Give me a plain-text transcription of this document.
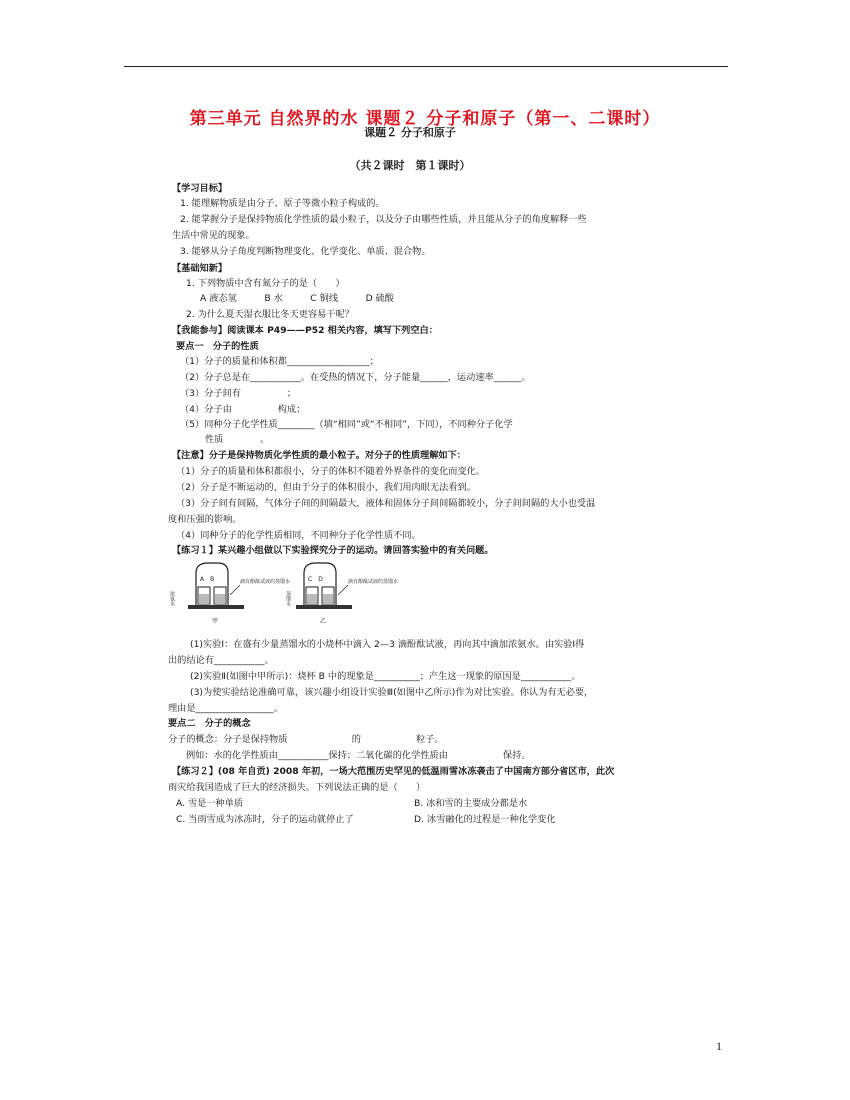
第三单元 自然界的水 课题２ 分子和原子（第一、二课时）
课题２ 分子和原子
（共２课时　第１课时）
【学习目标】
1. 能理解物质是由分子、原子等微小粒子构成的。
2. 能掌握分子是保持物质化学性质的最小粒子，以及分子由哪些性质，并且能从分子的角度解释一些
生活中常见的现象。
3. 能够从分子角度判断物理变化、化学变化、单质、混合物。
【基础知新】
1. 下列物质中含有氮分子的是（　　）
A 液态氢　　　B 水　　　C 铜线　　　D 硫酸
2. 为什么夏天湿衣服比冬天更容易干呢？
【我能参与】阅读课本 P49——P52 相关内容，填写下列空白：
要点一　分子的性质
（1）分子的质量和体积都__________________；
（2）分子总是在___________。在受热的情况下，分子能量______，运动速率______。
（3）分子间有　　　　　；
（4）分子由　　　　　构成；
（5）同种分子化学性质________（填“相同”或“不相同”，下同），不同种分子化学
性质　　　　。
【注意】分子是保持物质化学性质的最小粒子。对分子的性质理解如下：
（1）分子的质量和体积都很小，分子的体积不随着外界条件的变化而变化。
（2）分子是不断运动的，但由于分子的体积很小，我们用肉眼无法看到。
（3）分子间有间隔，气体分子间的间隔最大，液体和固体分子间间隔都较小，分子间间隔的大小也受温
度和压强的影响。
（4）同种分子的化学性质相同，不同种分子化学性质不同。
【练习１】某兴趣小组做以下实验探究分子的运动。请回答实验中的有关问题。
(1)实验Ⅰ：在盛有少量蒸馏水的小烧杯中滴入 2—3 滴酚酞试液，再向其中滴加浓氨水。由实验Ⅰ得
出的结论有___________。
(2)实验Ⅱ(如图中甲所示)：烧杯 B 中的现象是__________；产生这一现象的原因是___________。
(3)为使实验结论准确可靠，该兴趣小组设计实验Ⅲ(如图中乙所示)作为对比实验。你认为有无必要，
理由是_________________。
要点二　分子的概念
分子的概念：分子是保持物质　　　　　　　的　　　　　　粒子。
例如：水的化学性质由___________保持；二氧化碳的化学性质由　　　　　　保持。
【练习２】(08 年自贡) 2008 年初，一场大范围历史罕见的低温雨雪冰冻袭击了中国南方部分省区市，此次
雨灾给我国造成了巨大的经济损失。下列说法正确的是（　　）
A. 雪是一种单质	B. 冰和雪的主要成分都是水
C. 当雨雪成为冰冻时，分子的运动就停止了	D. 冰雪融化的过程是一种化学变化
A　B
浓氨水
滴有酚酞试液的蒸馏水
甲
C　D
蒸馏水
滴有酚酞试液的蒸馏水
乙
1
